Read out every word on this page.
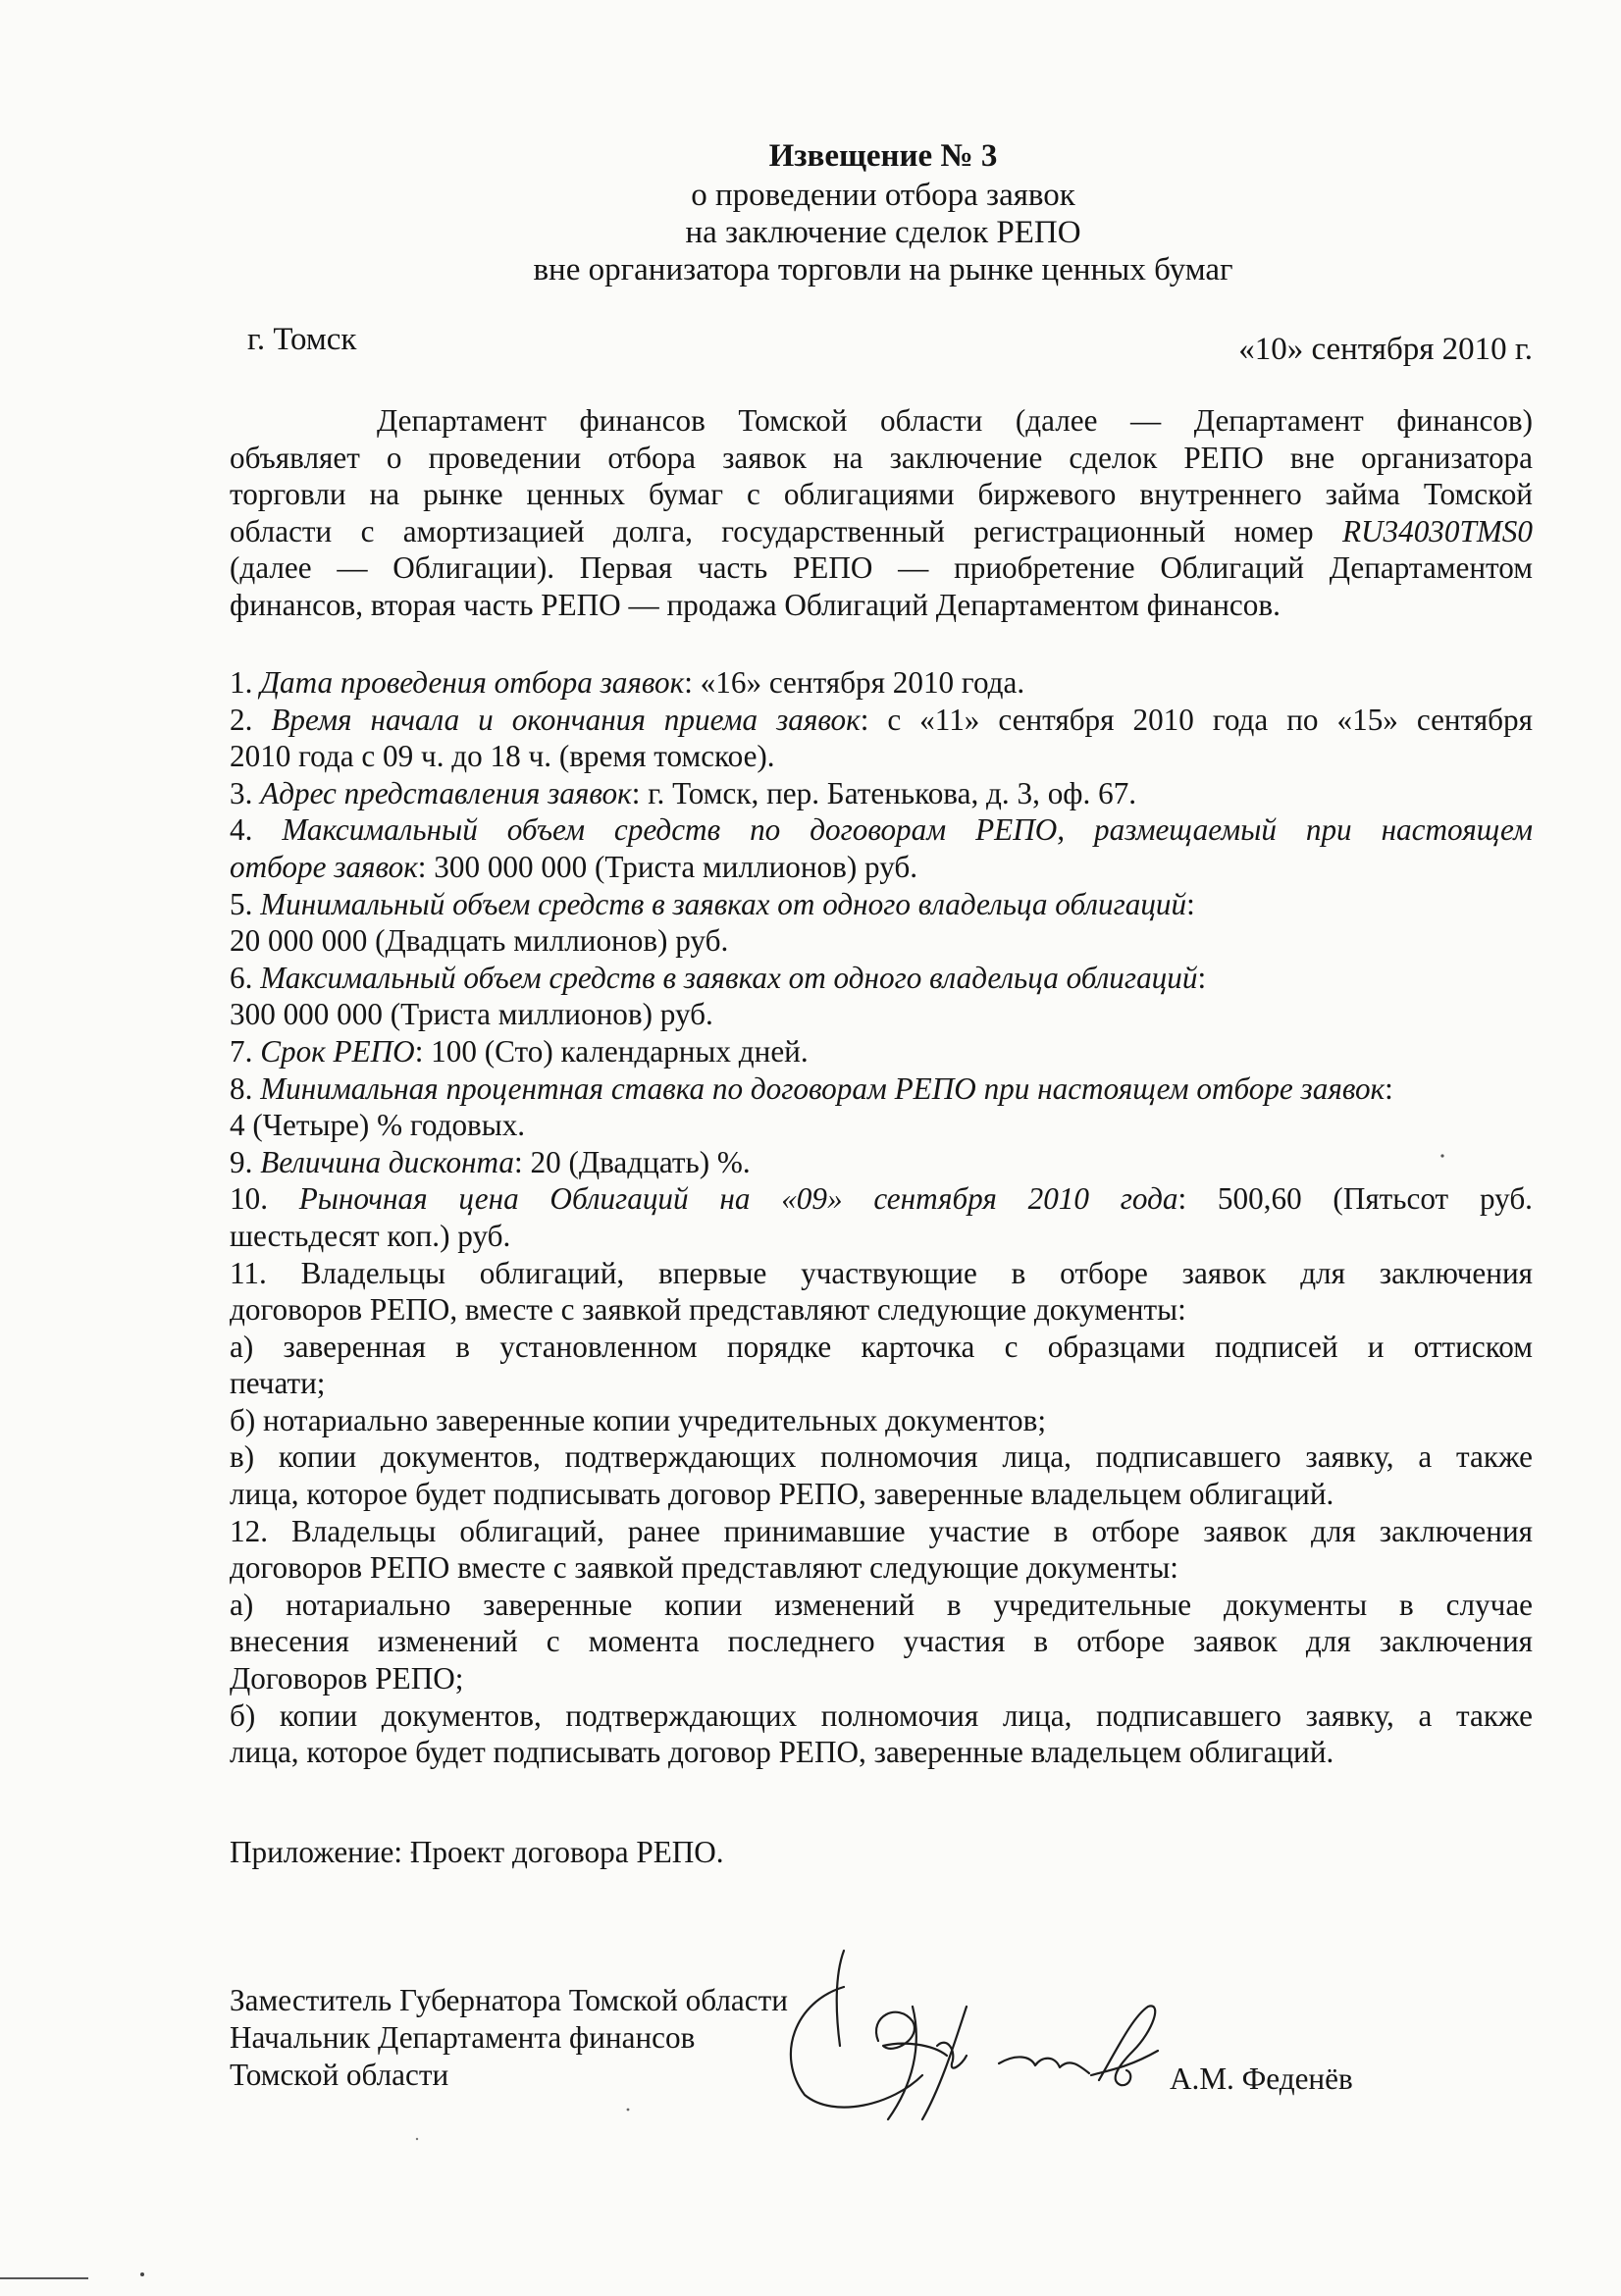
Извещение № 3
о проведении отбора заявок
на заключение сделок РЕПО
вне организатора торговли на рынке ценных бумаг
г. Томск	«10» сентября 2010 г.
Департамент финансов Томской области (далее — Департамент финансов)
объявляет о проведении отбора заявок на заключение сделок РЕПО вне организатора
торговли на рынке ценных бумаг с облигациями биржевого внутреннего займа Томской
области с амортизацией долга, государственный регистрационный номер RU34030TMS0
(далее — Облигации). Первая часть РЕПО — приобретение Облигаций Департаментом
финансов, вторая часть РЕПО — продажа Облигаций Департаментом финансов.
1. Дата проведения отбора заявок: «16» сентября 2010 года.
2. Время начала и окончания приема заявок: с «11» сентября 2010 года по «15» сентября
2010 года с 09 ч. до 18 ч. (время томское).
3. Адрес представления заявок: г. Томск, пер. Батенькова, д. 3, оф. 67.
4. Максимальный объем средств по договорам РЕПО, размещаемый при настоящем
отборе заявок: 300 000 000 (Триста миллионов) руб.
5. Минимальный объем средств в заявках от одного владельца облигаций:
20 000 000 (Двадцать миллионов) руб.
6. Максимальный объем средств в заявках от одного владельца облигаций:
300 000 000 (Триста миллионов) руб.
7. Срок РЕПО: 100 (Сто) календарных дней.
8. Минимальная процентная ставка по договорам РЕПО при настоящем отборе заявок:
4 (Четыре) % годовых.
9. Величина дисконта: 20 (Двадцать) %.
10. Рыночная цена Облигаций на «09» сентября 2010 года: 500,60 (Пятьсот руб.
шестьдесят коп.) руб.
11. Владельцы облигаций, впервые участвующие в отборе заявок для заключения
договоров РЕПО, вместе с заявкой представляют следующие документы:
а) заверенная в установленном порядке карточка с образцами подписей и оттиском
печати;
б) нотариально заверенные копии учредительных документов;
в) копии документов, подтверждающих полномочия лица, подписавшего заявку, а также
лица, которое будет подписывать договор РЕПО, заверенные владельцем облигаций.
12. Владельцы облигаций, ранее принимавшие участие в отборе заявок для заключения
договоров РЕПО вместе с заявкой представляют следующие документы:
а) нотариально заверенные копии изменений в учредительные документы в случае
внесения изменений с момента последнего участия в отборе заявок для заключения
Договоров РЕПО;
б) копии документов, подтверждающих полномочия лица, подписавшего заявку, а также
лица, которое будет подписывать договор РЕПО, заверенные владельцем облигаций.
Приложение: Проект договора РЕПО.
Заместитель Губернатора Томской области
Начальник Департамента финансов
Томской области	А.М. Феденёв
